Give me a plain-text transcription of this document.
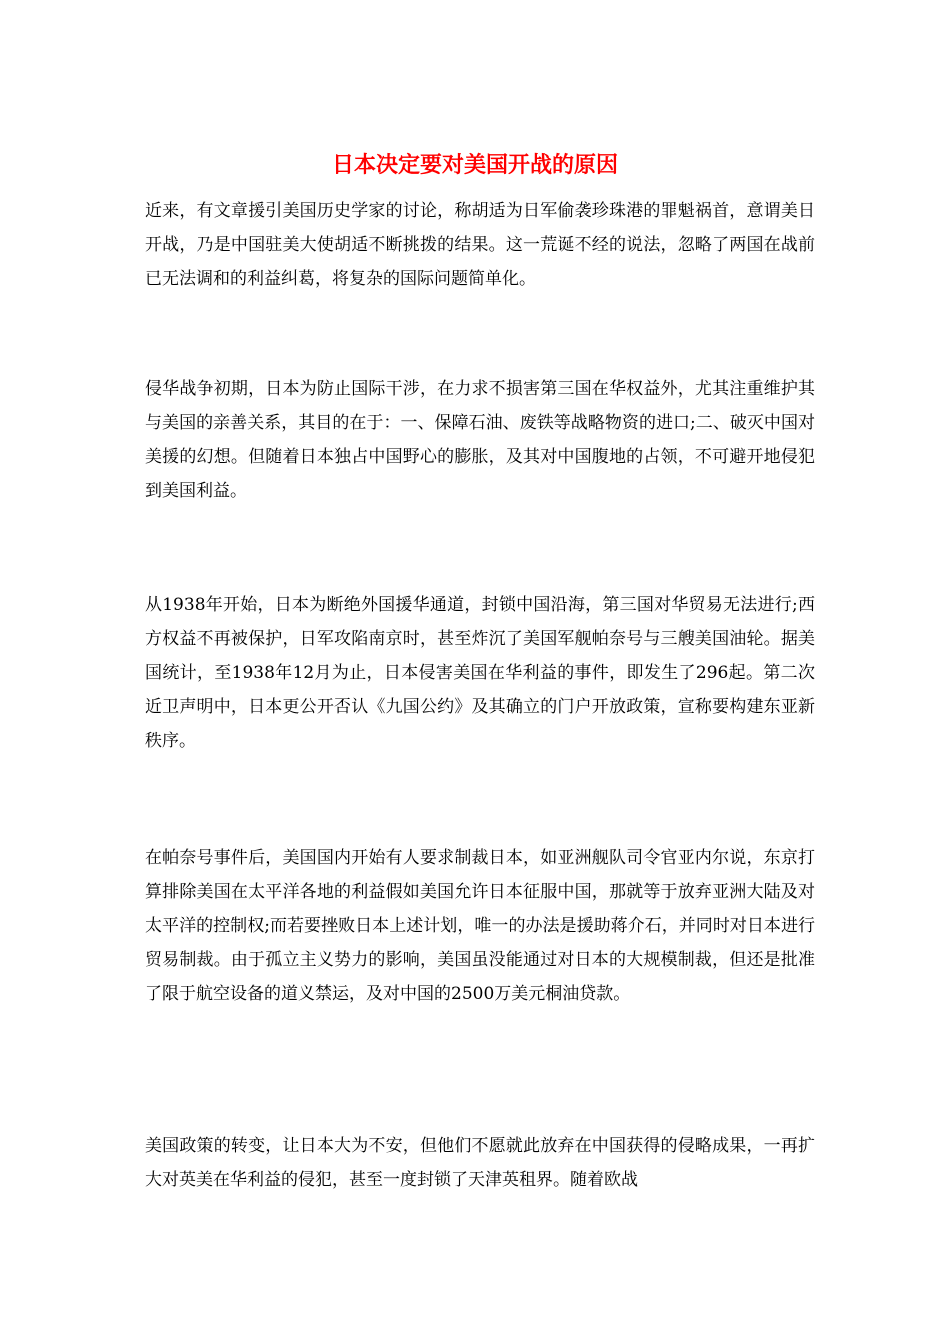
日本决定要对美国开战的原因

近来，有文章援引美国历史学家的讨论，称胡适为日军偷袭珍珠港的罪魁祸首，意谓美日开战，乃是中国驻美大使胡适不断挑拨的结果。这一荒诞不经的说法，忽略了两国在战前已无法调和的利益纠葛，将复杂的国际问题简单化。

侵华战争初期，日本为防止国际干涉，在力求不损害第三国在华权益外，尤其注重维护其与美国的亲善关系，其目的在于：一、保障石油、废铁等战略物资的进口;二、破灭中国对美援的幻想。但随着日本独占中国野心的膨胀，及其对中国腹地的占领，不可避开地侵犯到美国利益。

从1938年开始，日本为断绝外国援华通道，封锁中国沿海，第三国对华贸易无法进行;西方权益不再被保护，日军攻陷南京时，甚至炸沉了美国军舰帕奈号与三艘美国油轮。据美国统计，至1938年12月为止，日本侵害美国在华利益的事件，即发生了296起。第二次近卫声明中，日本更公开否认《九国公约》及其确立的门户开放政策，宣称要构建东亚新秩序。

在帕奈号事件后，美国国内开始有人要求制裁日本，如亚洲舰队司令官亚内尔说，东京打算排除美国在太平洋各地的利益假如美国允许日本征服中国，那就等于放弃亚洲大陆及对太平洋的控制权;而若要挫败日本上述计划，唯一的办法是援助蒋介石，并同时对日本进行贸易制裁。由于孤立主义势力的影响，美国虽没能通过对日本的大规模制裁，但还是批准了限于航空设备的道义禁运，及对中国的2500万美元桐油贷款。

美国政策的转变，让日本大为不安，但他们不愿就此放弃在中国获得的侵略成果，一再扩大对英美在华利益的侵犯，甚至一度封锁了天津英租界。随着欧战
